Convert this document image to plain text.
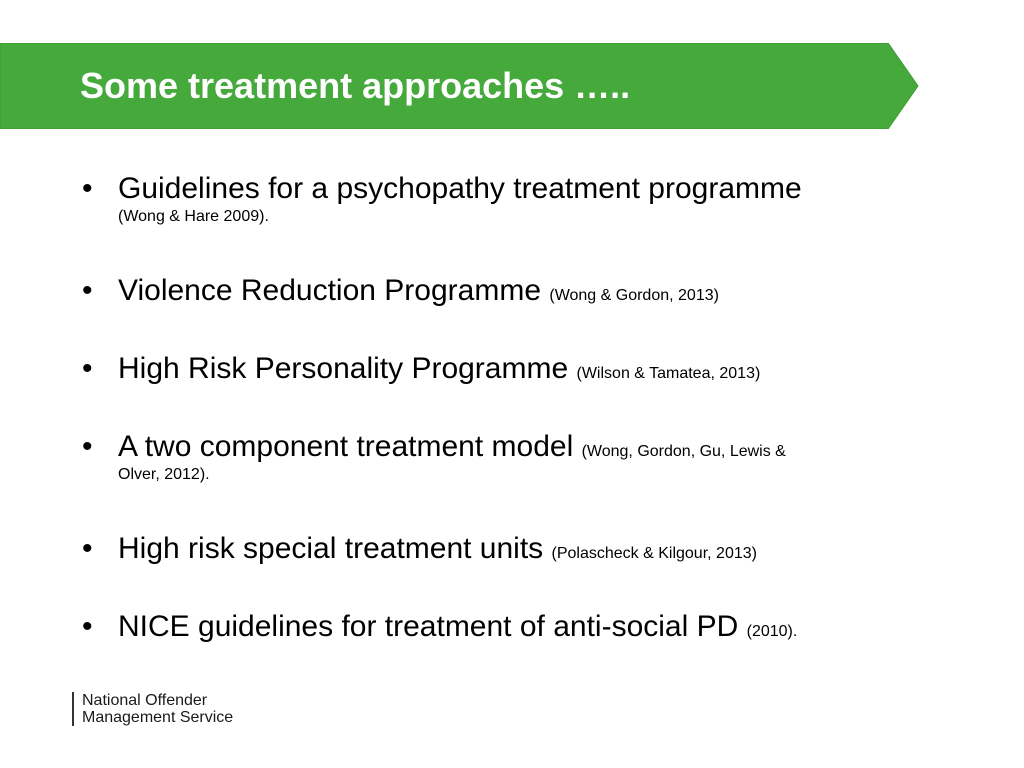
Some treatment approaches …..
• Guidelines for a psychopathy treatment programme
(Wong & Hare 2009).
• Violence Reduction Programme (Wong & Gordon, 2013)
• High Risk Personality Programme (Wilson & Tamatea, 2013)
• A two component treatment model (Wong, Gordon, Gu, Lewis &
Olver, 2012).
• High risk special treatment units (Polascheck & Kilgour, 2013)
• NICE guidelines for treatment of anti-social PD (2010).
National Offender
Management Service
